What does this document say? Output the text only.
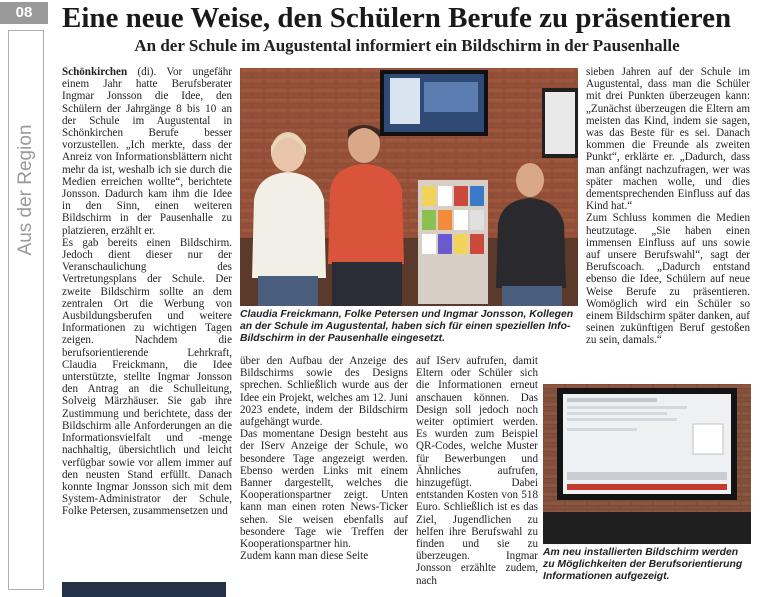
08
Aus der Region
Eine neue Weise, den Schülern Berufe zu präsentieren
An der Schule im Augustental informiert ein Bildschirm in der Pausenhalle

Schönkirchen (di). Vor ungefähr einem Jahr hatte Berufsberater Ingmar Jonsson die Idee, den Schülern der Jahrgänge 8 bis 10 an der Schule im Augustental in Schönkirchen Berufe besser vorzustellen. „Ich merkte, dass der Anreiz von Informationsblättern nicht mehr da ist, weshalb ich sie durch die Medien erreichen wollte“, berichtete Jonsson. Dadurch kam ihm die Idee in den Sinn, einen weiteren Bildschirm in der Pausenhalle zu platzieren, erzählt er.

Es gab bereits einen Bildschirm. Jedoch dient dieser nur der Veranschaulichung des Vertretungsplans der Schule. Der zweite Bildschirm sollte an dem zentralen Ort die Werbung von Ausbildungsberufen und weitere Informationen zu wichtigen Tagen zeigen. Nachdem die berufsorientierende Lehrkraft, Claudia Freickmann, die Idee unterstützte, stellte Ingmar Jonsson den Antrag an die Schulleitung, Solveig Märzhäuser. Sie gab ihre Zustimmung und berichtete, dass der Bildschirm alle Anforderungen an die Informationsvielfalt und -menge nachhaltig, übersichtlich und leicht verfügbar sowie vor allem immer auf den neusten Stand erfüllt. Danach konnte Ingmar Jonsson sich mit dem System-Administrator der Schule, Folke Petersen, zusammensetzen und

Claudia Freickmann, Folke Petersen und Ingmar Jonsson, Kollegen an der Schule im Augustental, haben sich für einen speziellen Info-Bildschirm in der Pausenhalle eingesetzt.

über den Aufbau der Anzeige des Bildschirms sowie des Designs sprechen. Schließlich wurde aus der Idee ein Projekt, welches am 12. Juni 2023 endete, indem der Bildschirm aufgehängt wurde.

Das momentane Design besteht aus der IServ Anzeige der Schule, wo besondere Tage angezeigt werden. Ebenso werden Links mit einem Banner dargestellt, welches die Kooperationspartner zeigt. Unten kann man einen roten News-Ticker sehen. Sie weisen ebenfalls auf besondere Tage wie Treffen der Kooperationspartner hin.

Zudem kann man diese Seite

auf IServ aufrufen, damit Eltern oder Schüler sich die Informationen erneut anschauen können. Das Design soll jedoch noch weiter optimiert werden. Es wurden zum Beispiel QR-Codes, welche Muster für Bewerbungen und Ähnliches aufrufen, hinzugefügt. Dabei entstanden Kosten von 518 Euro. Schließlich ist es das Ziel, Jugendlichen zu helfen ihre Berufswahl zu finden und sie zu überzeugen. Ingmar Jonsson erzählte zudem, nach

sieben Jahren auf der Schule im Augustental, dass man die Schüler mit drei Punkten überzeugen kann: „Zunächst überzeugen die Eltern am meisten das Kind, indem sie sagen, was das Beste für es sei. Danach kommen die Freunde als zweiten Punkt“, erklärte er. „Dadurch, dass man anfängt nachzufragen, wer was später machen wolle, und dies dementsprechenden Einfluss auf das Kind hat.“

Zum Schluss kommen die Medien heutzutage. „Sie haben einen immensen Einfluss auf uns sowie auf unsere Berufswahl“, sagt der Berufscoach. „Dadurch entstand ebenso die Idee, Schülern auf neue Weise Berufe zu präsentieren. Womöglich wird ein Schüler so einem Bildschirm später danken, auf seinen zukünftigen Beruf gestoßen zu sein, damals.“

Am neu installierten Bildschirm werden zu Möglichkeiten der Berufsorientierung Informationen aufgezeigt.
